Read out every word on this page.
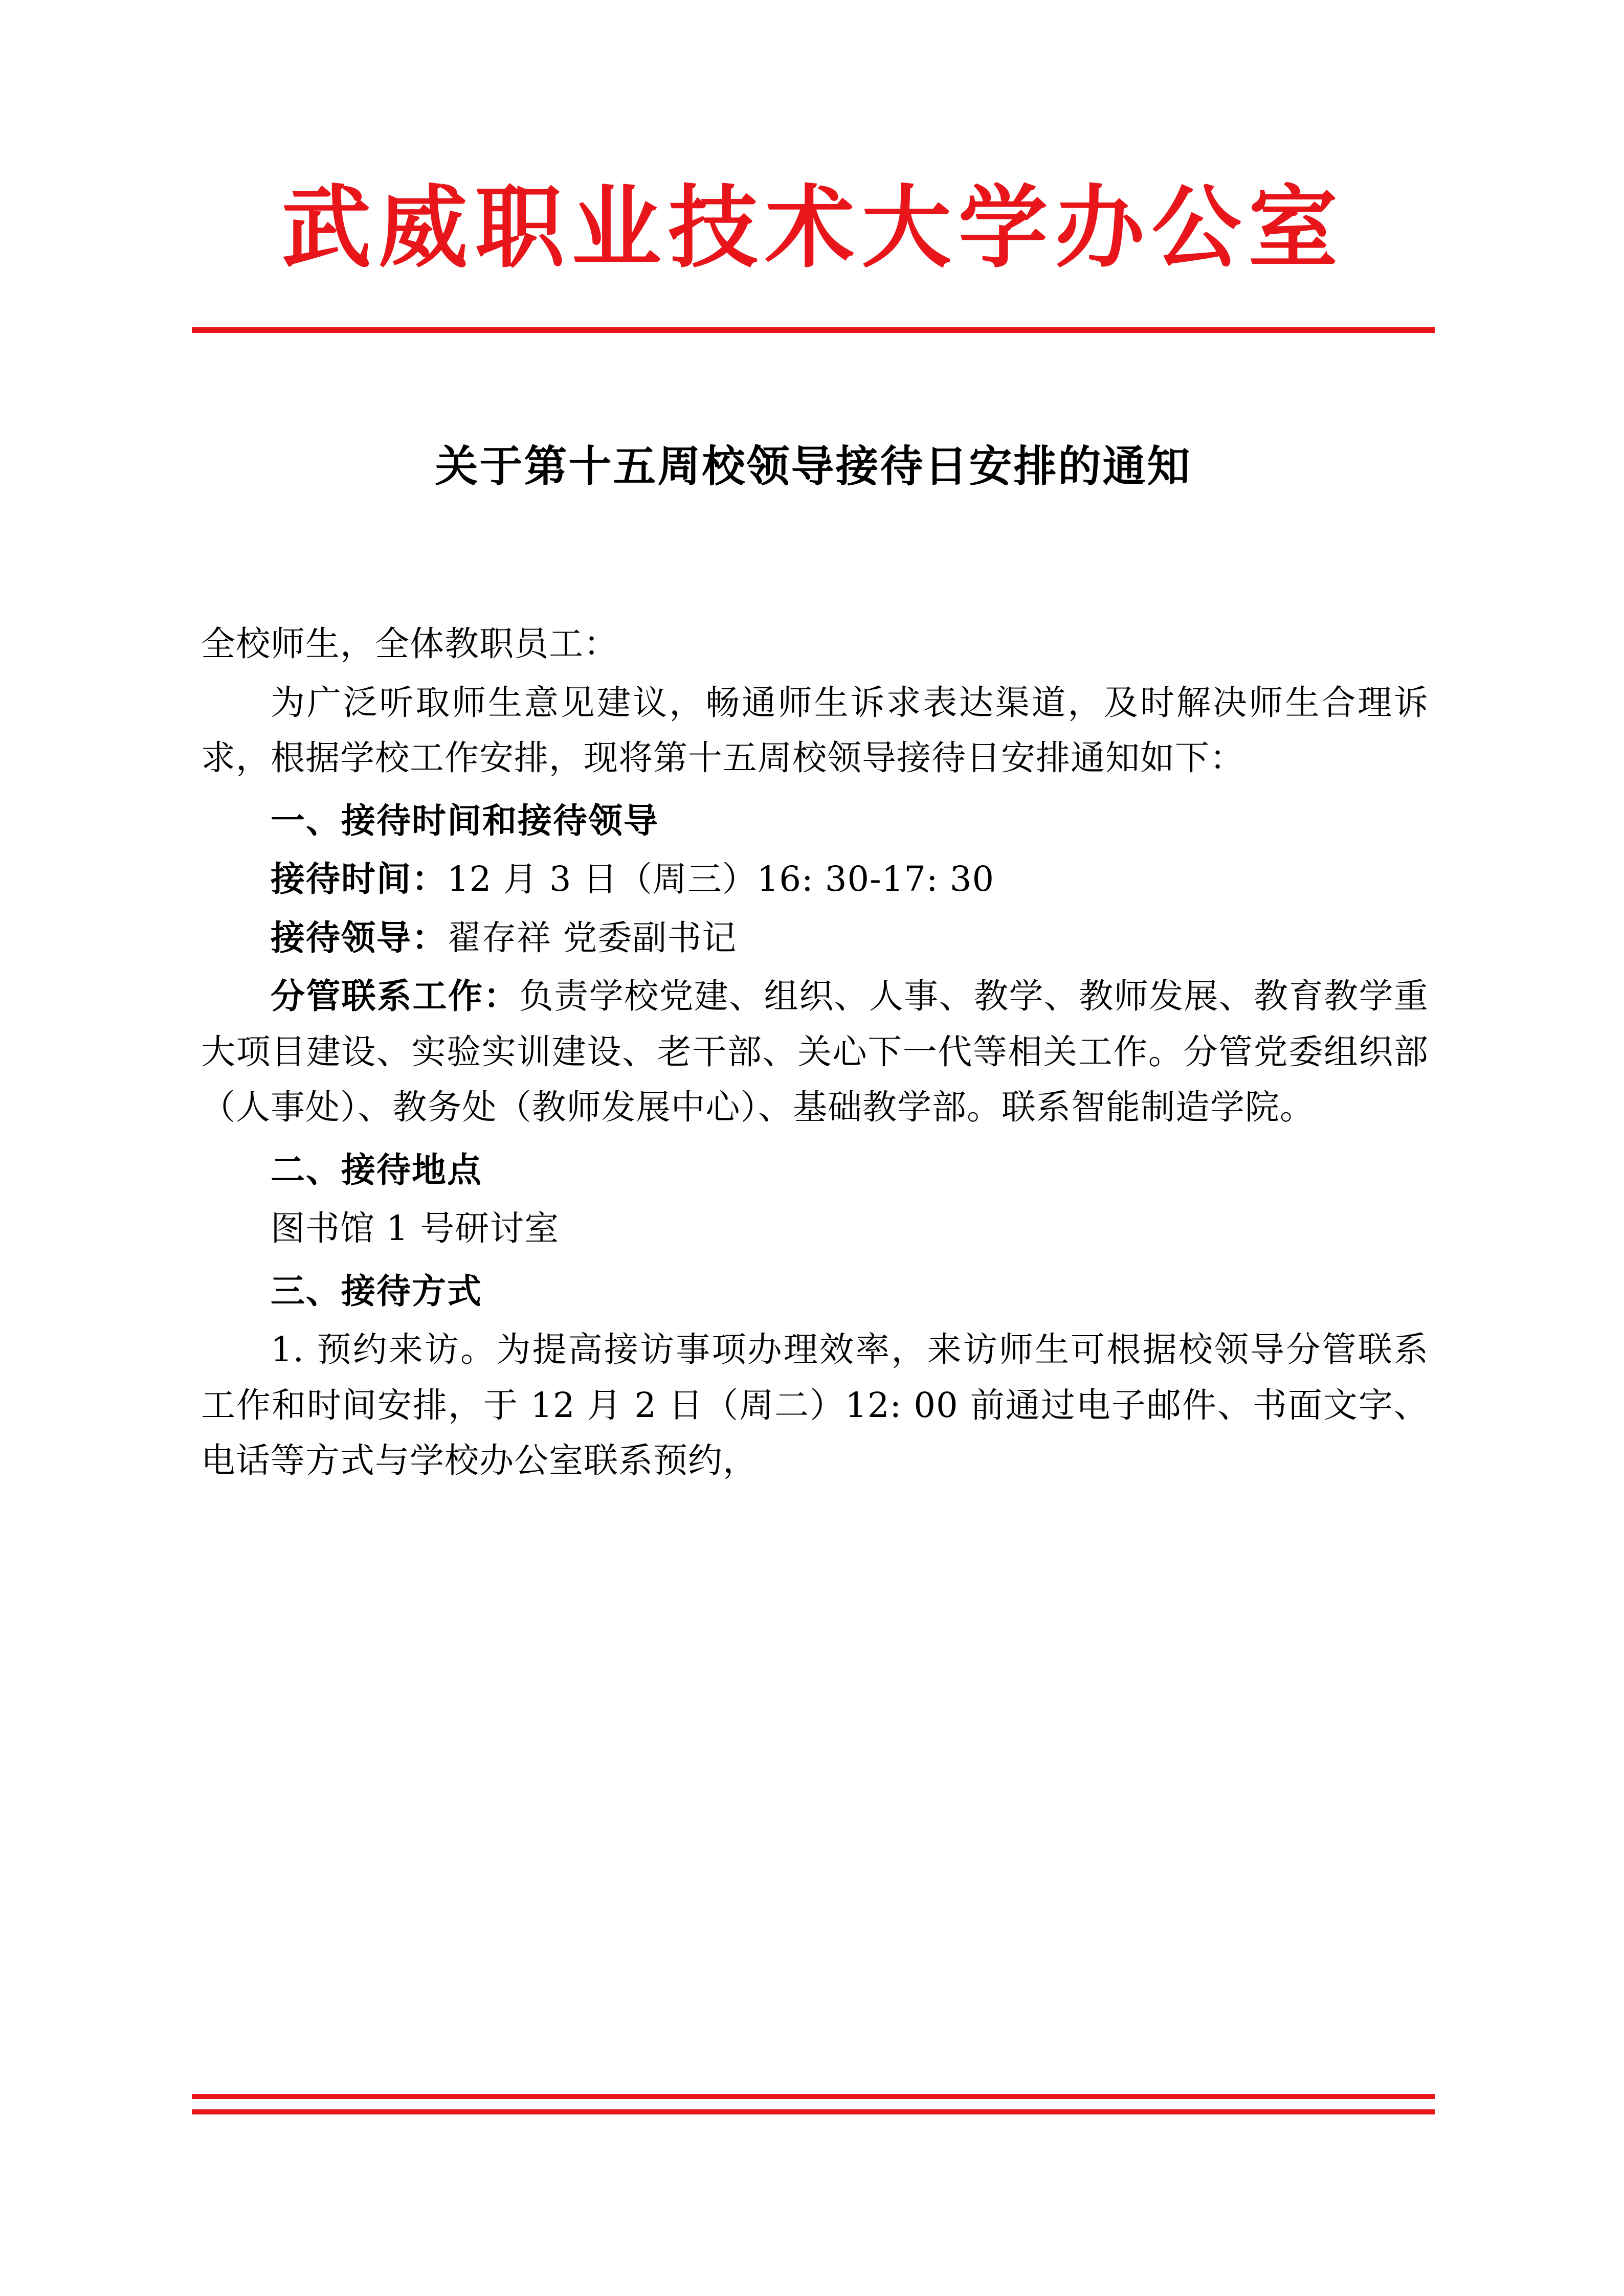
武威职业技术大学办公室
关于第十五周校领导接待日安排的通知

全校师生，全体教职员工：

为广泛听取师生意见建议，畅通师生诉求表达渠道，及时解决师生合理诉求，根据学校工作安排，现将第十五周校领导接待日安排通知如下：

一、接待时间和接待领导

接待时间：12 月 3 日（周三）16: 30-17: 30

接待领导：翟存祥 党委副书记

分管联系工作：负责学校党建、组织、人事、教学、教师发展、教育教学重大项目建设、实验实训建设、老干部、关心下一代等相关工作。分管党委组织部（人事处）、教务处（教师发展中心）、基础教学部。联系智能制造学院。

二、接待地点

图书馆 1 号研讨室

三、接待方式

1. 预约来访。为提高接访事项办理效率，来访师生可根据校领导分管联系工作和时间安排，于 12 月 2 日（周二）12: 00 前通过电子邮件、书面文字、电话等方式与学校办公室联系预约，
